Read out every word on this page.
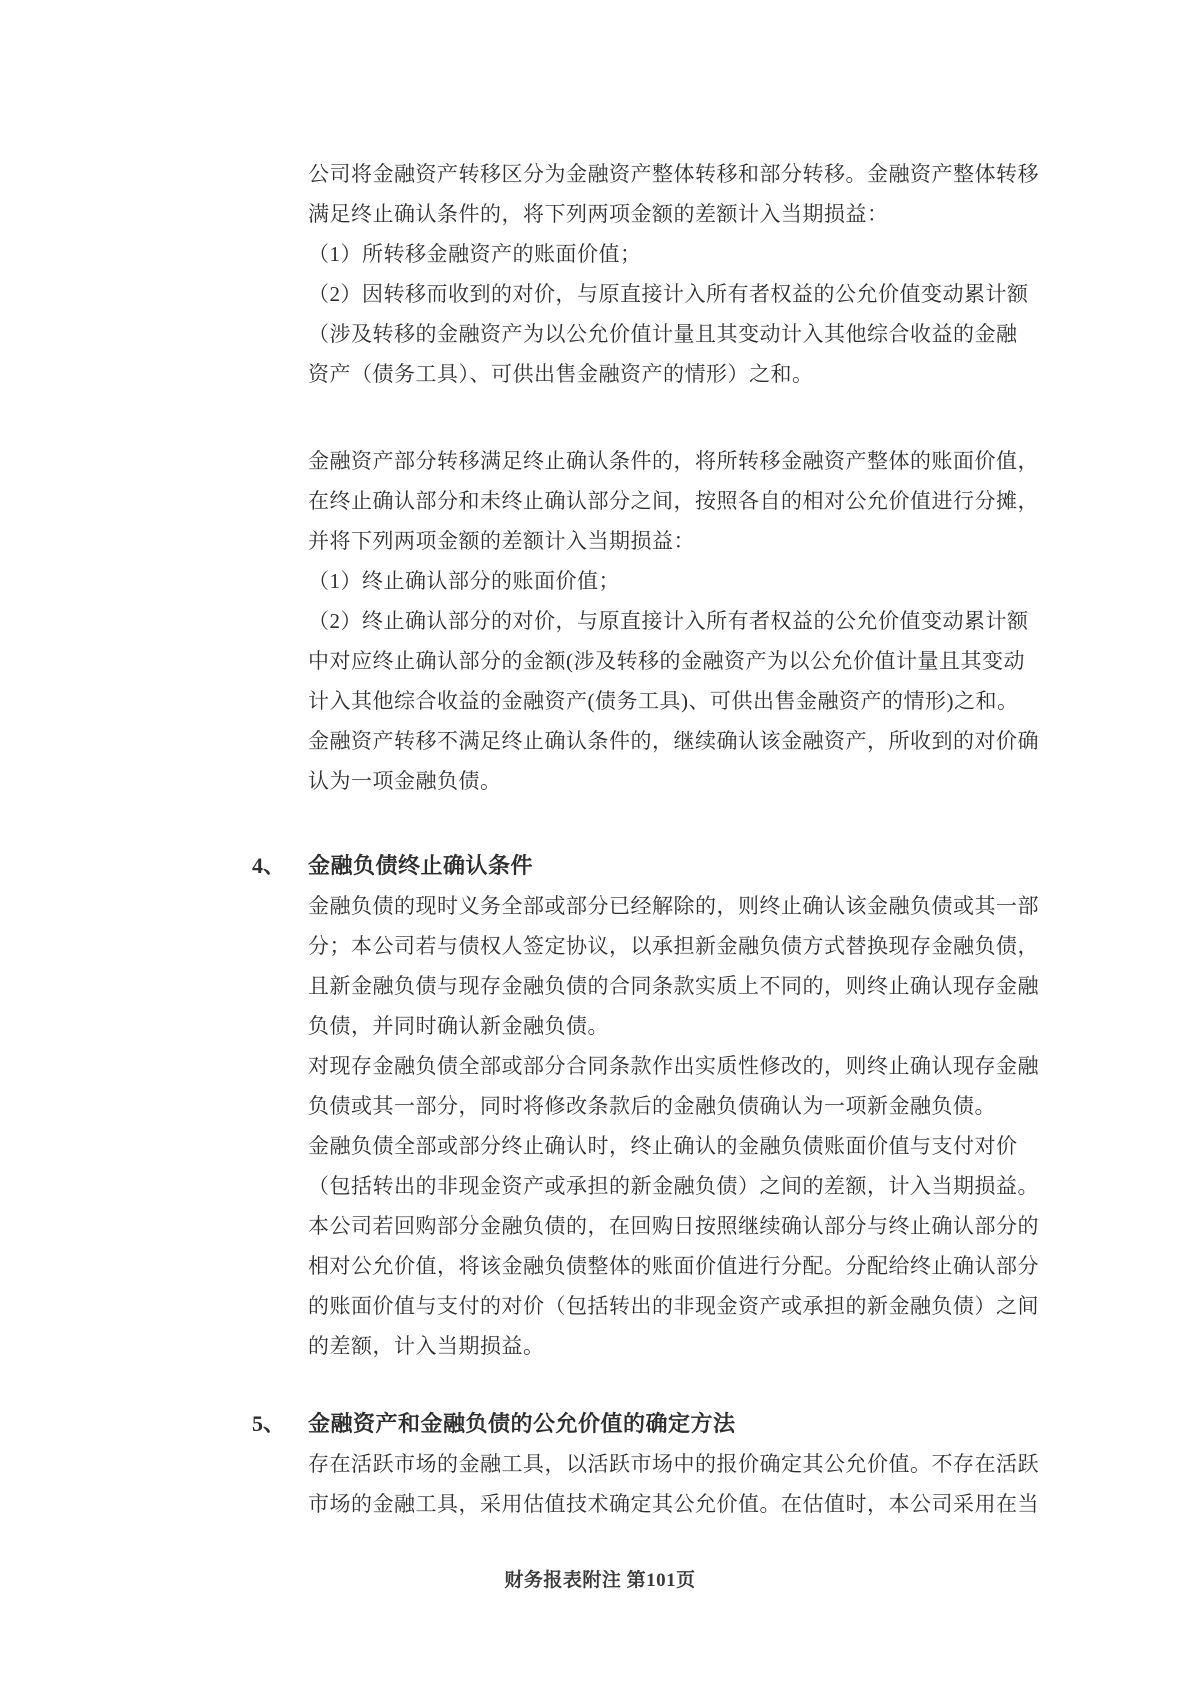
公司将金融资产转移区分为金融资产整体转移和部分转移。金融资产整体转移
满足终止确认条件的，将下列两项金额的差额计入当期损益：
（1）所转移金融资产的账面价值；
（2）因转移而收到的对价，与原直接计入所有者权益的公允价值变动累计额
（涉及转移的金融资产为以公允价值计量且其变动计入其他综合收益的金融
资产（债务工具）、可供出售金融资产的情形）之和。
金融资产部分转移满足终止确认条件的，将所转移金融资产整体的账面价值，
在终止确认部分和未终止确认部分之间，按照各自的相对公允价值进行分摊，
并将下列两项金额的差额计入当期损益：
（1）终止确认部分的账面价值；
（2）终止确认部分的对价，与原直接计入所有者权益的公允价值变动累计额
中对应终止确认部分的金额(涉及转移的金融资产为以公允价值计量且其变动
计入其他综合收益的金融资产(债务工具)、可供出售金融资产的情形)之和。
金融资产转移不满足终止确认条件的，继续确认该金融资产，所收到的对价确
认为一项金融负债。
4、 金融负债终止确认条件
金融负债的现时义务全部或部分已经解除的，则终止确认该金融负债或其一部
分；本公司若与债权人签定协议，以承担新金融负债方式替换现存金融负债，
且新金融负债与现存金融负债的合同条款实质上不同的，则终止确认现存金融
负债，并同时确认新金融负债。
对现存金融负债全部或部分合同条款作出实质性修改的，则终止确认现存金融
负债或其一部分，同时将修改条款后的金融负债确认为一项新金融负债。
金融负债全部或部分终止确认时，终止确认的金融负债账面价值与支付对价
（包括转出的非现金资产或承担的新金融负债）之间的差额，计入当期损益。
本公司若回购部分金融负债的，在回购日按照继续确认部分与终止确认部分的
相对公允价值，将该金融负债整体的账面价值进行分配。分配给终止确认部分
的账面价值与支付的对价（包括转出的非现金资产或承担的新金融负债）之间
的差额，计入当期损益。
5、 金融资产和金融负债的公允价值的确定方法
存在活跃市场的金融工具，以活跃市场中的报价确定其公允价值。不存在活跃
市场的金融工具，采用估值技术确定其公允价值。在估值时，本公司采用在当
财务报表附注 第101页
